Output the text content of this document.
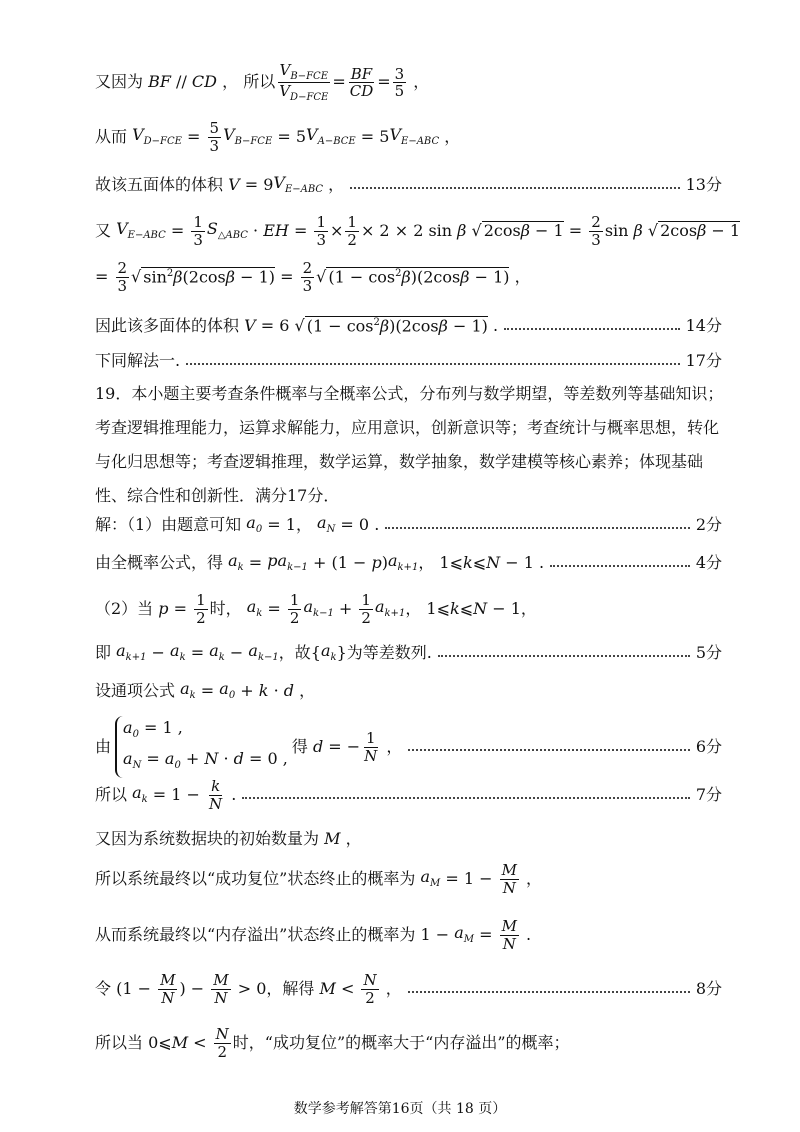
又因为 BF // CD ， 所以 $\frac{V_{B-FCE}}{V_{D-FCE}} = \frac{BF}{CD} = \frac{3}{5}$ ，
从而 $V_{D-FCE} = \frac{5}{3} V_{B-FCE} = 5$ $V_{A-BCE} = 5$ $V_{E-ABC}$ ，
故该五面体的体积 V = 9 $V_{E-ABC}$ ，	13分
又 $V_{E-ABC} = \frac{1}{3} S_{\triangle ABC}$ · EH = $\frac{1}{3} \times \frac{1}{2} \times 2 \times 2$ sin β √ $2\cos\beta - 1 = \frac{2}{3}$ sin β √ 2cosβ − 1
= $\frac{2}{3}$ √ $\sin^2\beta(2\cos\beta - 1) = \frac{2}{3}$ √ $(1 - \cos^2\beta)(2\cos\beta - 1)$ ，
因此该多面体的体积 V = 6 √ $(1 - \cos^2\beta)(2\cos\beta - 1)$ .	14分
下同解法一.	17分
19．本小题主要考查条件概率与全概率公式，分布列与数学期望，等差数列等基础知识；考查逻辑推理能力，运算求解能力，应用意识，创新意识等；考查统计与概率思想，转化与化归思想等；考查逻辑推理，数学运算，数学抽象，数学建模等核心素养；体现基础性、综合性和创新性．满分17分．
解：（1）由题意可知 $a_0 = 1$， $a_N = 0$ .	2分
由全概率公式，得 $a_k = pa_{k-1} + (1 - p$ ) $a_{k+1}$ ， 1⩽ k ⩽ N − 1 .	4分
（2）当 $p = \frac{1}{2}$ 时， $a_k = \frac{1}{2} a_{k-1} + \frac{1}{2} a_{k+1}$ ， 1⩽ k ⩽ N − 1，
即 $a_{k+1} - a_k = a_k - a_{k-1}$ ，故 { $a_k$ } 为等差数列.	5分
设通项公式 $a_k = a_0 + k \cdot d$ ，
由
$a_0 = 1$ ,
$a_N = a_0 + N \cdot d = 0$ ,
得 d = − $\frac{1}{N}$ ，	6分
所以 $a_k = 1 - \frac{k}{N}$ .	7分
又因为系统数据块的初始数量为 M ，
所以系统最终以“成功复位”状态终止的概率为 $a_M = 1 - \frac{M}{N}$ ，
从而系统最终以“内存溢出”状态终止的概率为 $1 - a_M = \frac{M}{N}$ .
令 ($1 - \frac{M}{N}$ ) − $\frac{M}{N} > 0$ ，解得 $M < \frac{N}{2}$ ，	8分
所以当 0⩽ $M < \frac{N}{2}$ 时，“成功复位”的概率大于“内存溢出”的概率；
数学参考解答第16页（共 18 页）
